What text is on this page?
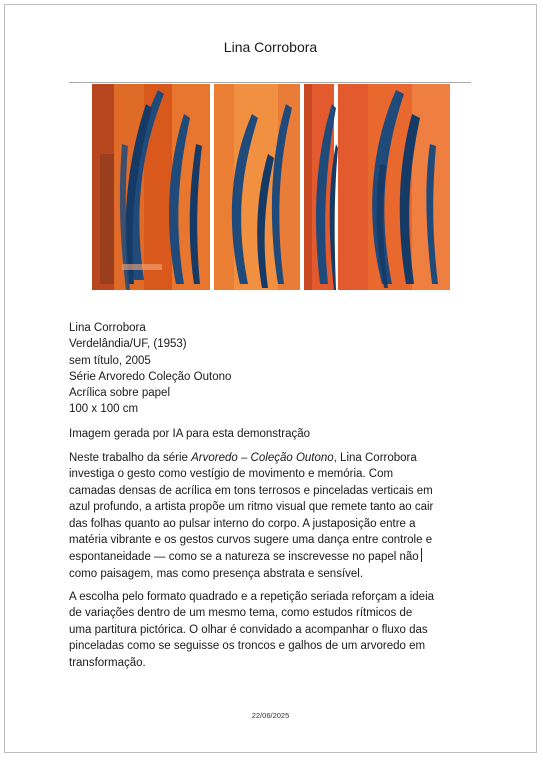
Lina Corrobora
Lina Corrobora
Verdelândia/UF, (1953)
sem título, 2005
Série Arvoredo Coleção Outono
Acrílica sobre papel
100 x 100 cm
Imagem gerada por IA para esta demonstração
Neste trabalho da série Arvoredo – Coleção Outono, Lina Corrobora
investiga o gesto como vestígio de movimento e memória. Com
camadas densas de acrílica em tons terrosos e pinceladas verticais em
azul profundo, a artista propõe um ritmo visual que remete tanto ao cair
das folhas quanto ao pulsar interno do corpo. A justaposição entre a
matéria vibrante e os gestos curvos sugere uma dança entre controle e
espontaneidade — como se a natureza se inscrevesse no papel não
como paisagem, mas como presença abstrata e sensível.
A escolha pelo formato quadrado e a repetição seriada reforçam a ideia
de variações dentro de um mesmo tema, como estudos rítmicos de
uma partitura pictórica. O olhar é convidado a acompanhar o fluxo das
pinceladas como se seguisse os troncos e galhos de um arvoredo em
transformação.
22/06/2025
